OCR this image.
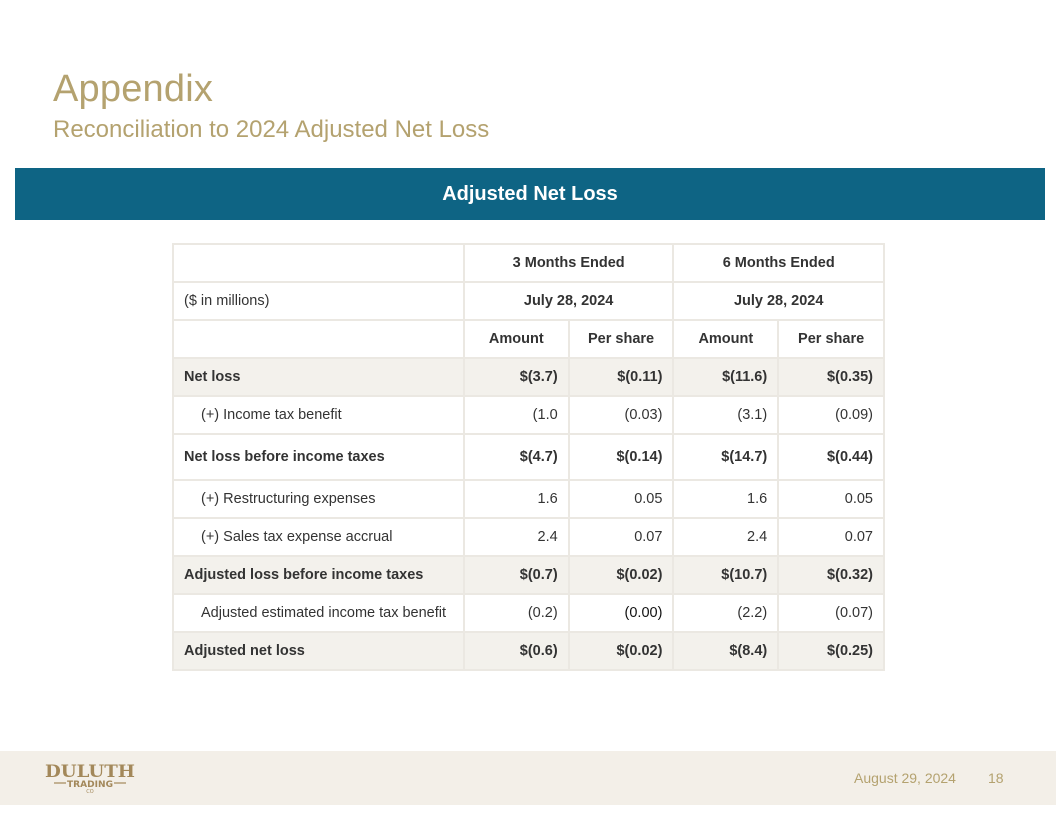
Appendix
Reconciliation to 2024 Adjusted Net Loss
Adjusted Net Loss
	3 Months Ended		6 Months Ended	
($ in millions)	July 28, 2024		July 28, 2024	
	Amount	Per share	Amount	Per share
Net loss	$(3.7)	$(0.11)	$(11.6)	$(0.35)
(+) Income tax benefit	(1.0	(0.03)	(3.1)	(0.09)
Net loss before income taxes	$(4.7)	$(0.14)	$(14.7)	$(0.44)
(+) Restructuring expenses	1.6	0.05	1.6	0.05
(+) Sales tax expense accrual	2.4	0.07	2.4	0.07
Adjusted loss before income taxes	$(0.7)	$(0.02)	$(10.7)	$(0.32)
Adjusted estimated income tax benefit	(0.2)	(0.00)	(2.2)	(0.07)
Adjusted net loss	$(0.6)	$(0.02)	$(8.4)	$(0.25)
DULUTH
TRADING
CO
August 29, 2024 18
